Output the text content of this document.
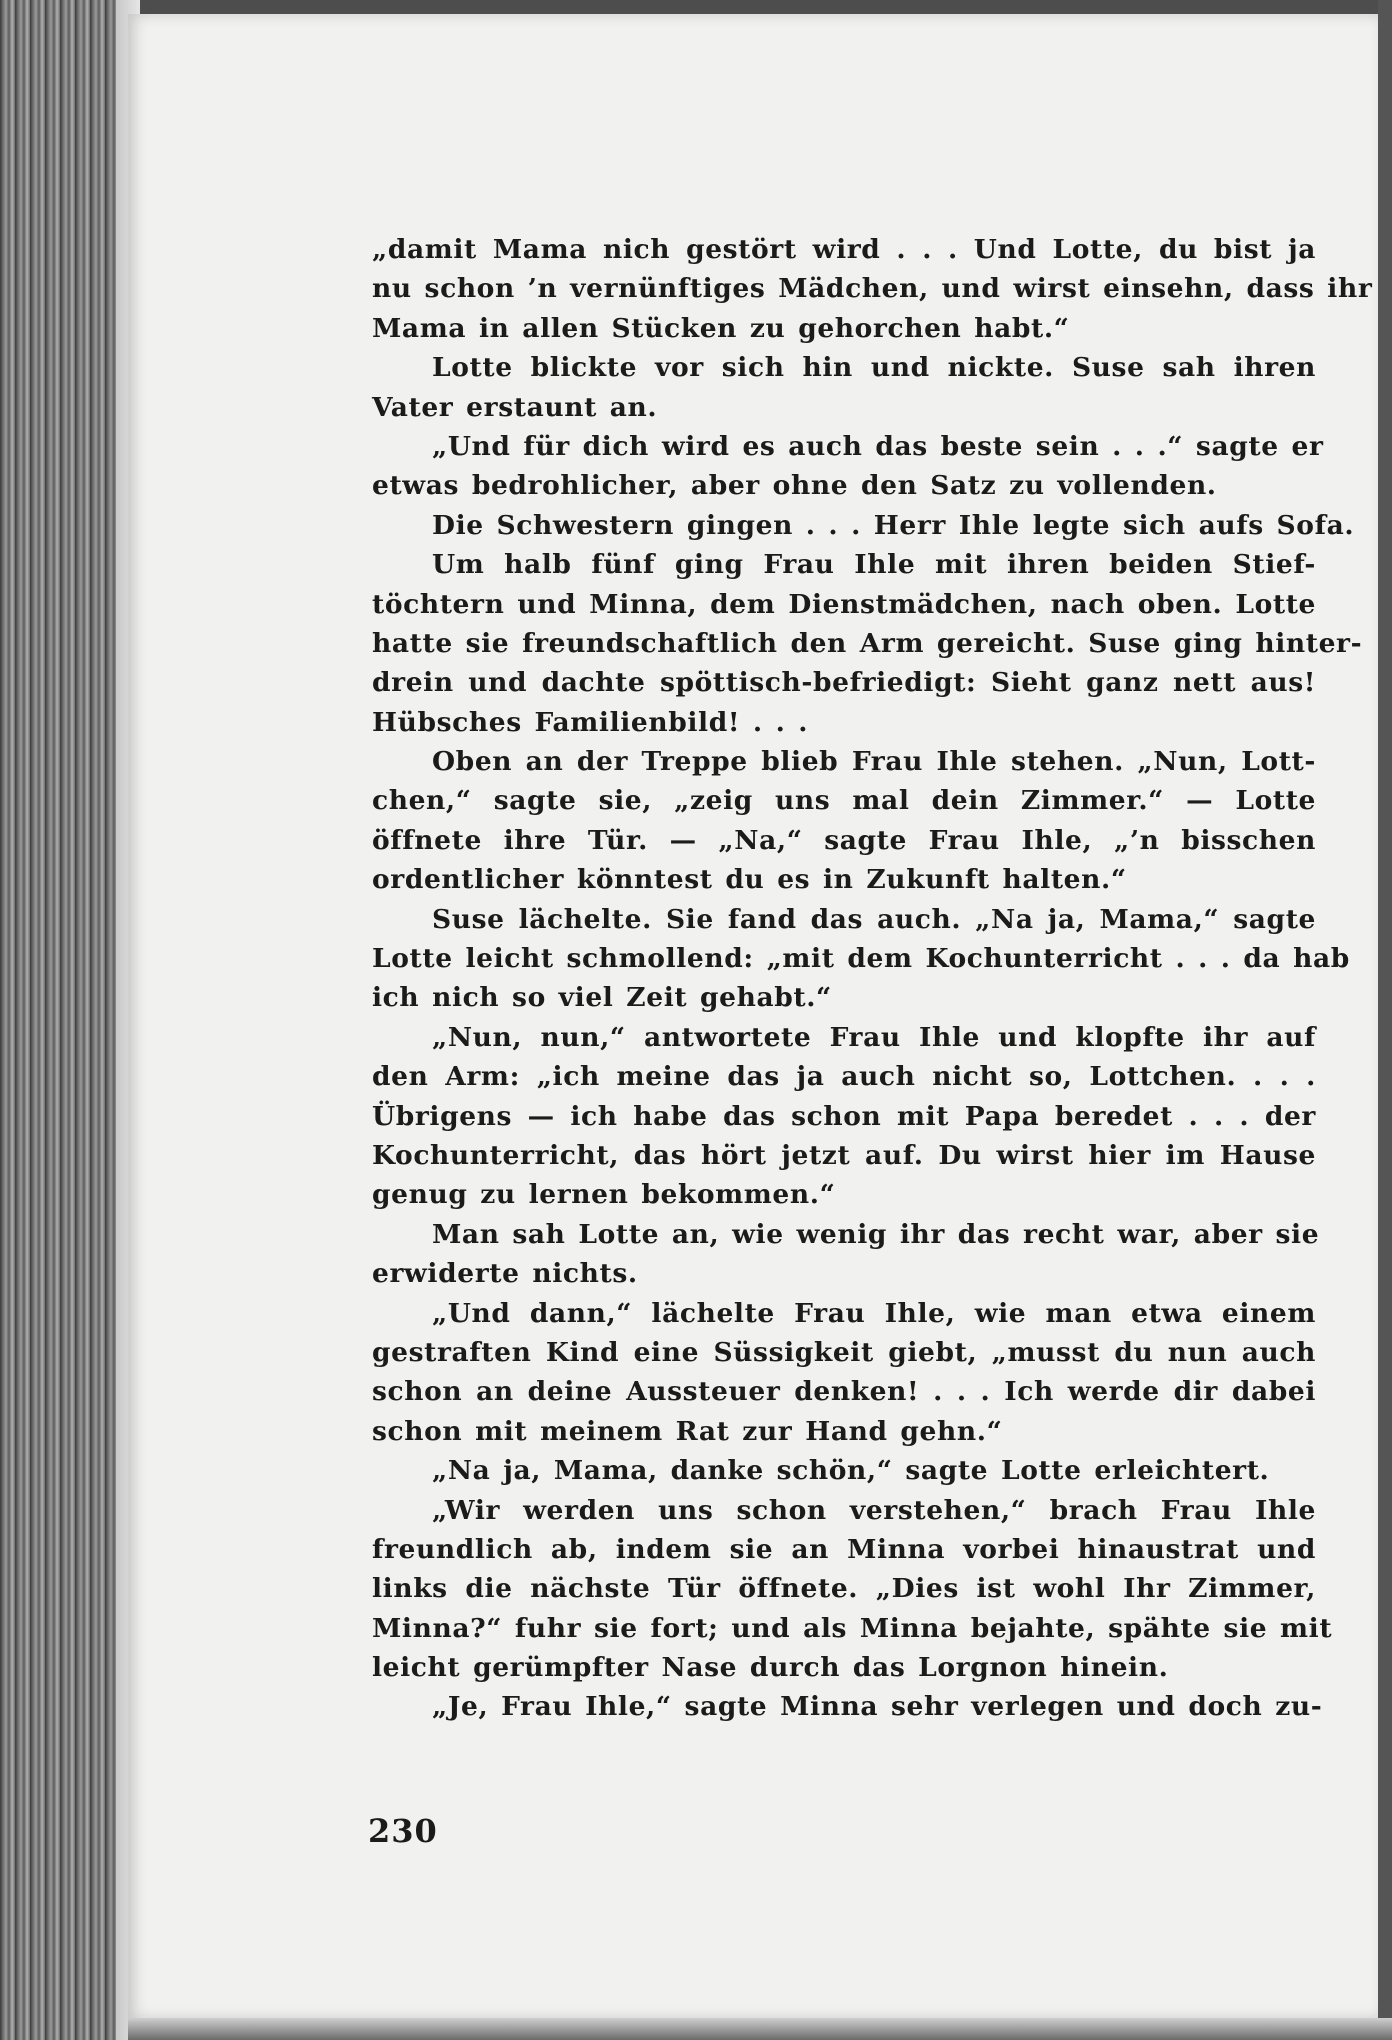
„damit Mama nich gestört wird . . . Und Lotte, du bist ja
nu schon ’n vernünftiges Mädchen, und wirst einsehn, dass ihr
Mama in allen Stücken zu gehorchen habt.“
Lotte blickte vor sich hin und nickte. Suse sah ihren
Vater erstaunt an.
„Und für dich wird es auch das beste sein . . .“ sagte er
etwas bedrohlicher, aber ohne den Satz zu vollenden.
Die Schwestern gingen . . . Herr Ihle legte sich aufs Sofa.
Um halb fünf ging Frau Ihle mit ihren beiden Stief-
töchtern und Minna, dem Dienstmädchen, nach oben. Lotte
hatte sie freundschaftlich den Arm gereicht. Suse ging hinter-
drein und dachte spöttisch-befriedigt: Sieht ganz nett aus!
Hübsches Familienbild! . . .
Oben an der Treppe blieb Frau Ihle stehen. „Nun, Lott-
chen,“ sagte sie, „zeig uns mal dein Zimmer.“ — Lotte
öffnete ihre Tür. — „Na,“ sagte Frau Ihle, „’n bisschen
ordentlicher könntest du es in Zukunft halten.“
Suse lächelte. Sie fand das auch. „Na ja, Mama,“ sagte
Lotte leicht schmollend: „mit dem Kochunterricht . . . da hab
ich nich so viel Zeit gehabt.“
„Nun, nun,“ antwortete Frau Ihle und klopfte ihr auf
den Arm: „ich meine das ja auch nicht so, Lottchen. . . .
Übrigens — ich habe das schon mit Papa beredet . . . der
Kochunterricht, das hört jetzt auf. Du wirst hier im Hause
genug zu lernen bekommen.“
Man sah Lotte an, wie wenig ihr das recht war, aber sie
erwiderte nichts.
„Und dann,“ lächelte Frau Ihle, wie man etwa einem
gestraften Kind eine Süssigkeit giebt, „musst du nun auch
schon an deine Aussteuer denken! . . . Ich werde dir dabei
schon mit meinem Rat zur Hand gehn.“
„Na ja, Mama, danke schön,“ sagte Lotte erleichtert.
„Wir werden uns schon verstehen,“ brach Frau Ihle
freundlich ab, indem sie an Minna vorbei hinaustrat und
links die nächste Tür öffnete. „Dies ist wohl Ihr Zimmer,
Minna?“ fuhr sie fort; und als Minna bejahte, spähte sie mit
leicht gerümpfter Nase durch das Lorgnon hinein.
„Je, Frau Ihle,“ sagte Minna sehr verlegen und doch zu-
230
